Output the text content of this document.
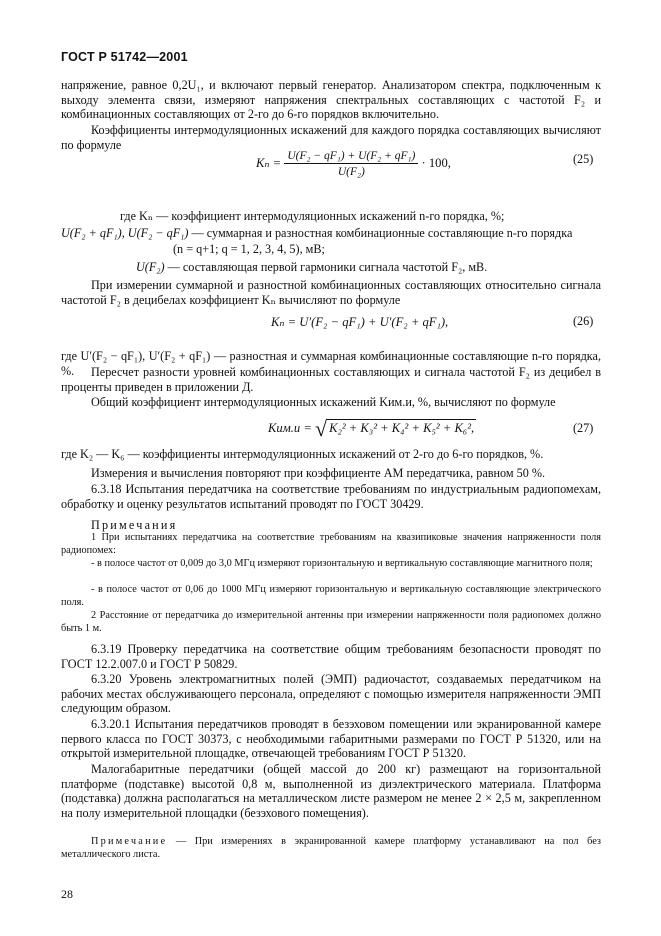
ГОСТ Р 51742—2001

напряжение, равное 0,2U₁, и включают первый генератор. Анализатором спектра, подключенным к выходу элемента связи, измеряют напряжения спектральных составляющих с частотой F₂ и комбинационных составляющих от 2-го до 6-го порядков включительно.

Коэффициенты интермодуляционных искажений для каждого порядка составляющих вычисляют по формуле

$K_n = \frac{\text{U(F₂ − qF₁) + U(F₂ + qF₁)}}{\text{U(F₂)}} \cdot 100$,	(25)
где Kₙ — коэффициент интермодуляционных искажений n-го порядка, %;
U(F₂ + qF₁), U(F₂ − qF₁) — суммарная и разностная комбинационные составляющие n-го порядка
(n = q+1; q = 1, 2, 3, 4, 5), мВ;
U(F₂) — составляющая первой гармоники сигнала частотой F₂, мВ.

При измерении суммарной и разностной комбинационных составляющих относительно сигнала частотой F₂ в децибелах коэффициент Kₙ вычисляют по формуле

Kₙ = U′(F₂ − qF₁) + U′(F₂ + qF₁),	(26)

где U′(F₂ − qF₁), U′(F₂ + qF₁) — разностная и суммарная комбинационные составляющие n-го порядка, %.	Пересчет разности уровней комбинационных составляющих и сигнала частотой F₂ из децибел в проценты приведен в приложении Д.

Общий коэффициент интермодуляционных искажений Kим.и, %, вычисляют по формуле

Kим.и = √ K₂² + K₃² + K₄² + K₅² + K₆²,	(27)

где K₂ — K₆ — коэффициенты интермодуляционных искажений от 2-го до 6-го порядков, %.

Измерения и вычисления повторяют при коэффициенте АМ передатчика, равном 50 %.

6.3.18 Испытания передатчика на соответствие требованиям по индустриальным радиопомехам, обработку и оценку результатов испытаний проводят по ГОСТ 30429.

Примечания

1 При испытаниях передатчика на соответствие требованиям на квазипиковые значения напряженности поля радиопомех:

- в полосе частот от 0,009 до 3,0 МГц измеряют горизонтальную и вертикальную составляющие магнитного поля;

- в полосе частот от 0,06 до 1000 МГц измеряют горизонтальную и вертикальную составляющие электрического поля.

2 Расстояние от передатчика до измерительной антенны при измерении напряженности поля радиопомех должно быть 1 м.

6.3.19 Проверку передатчика на соответствие общим требованиям безопасности проводят по ГОСТ 12.2.007.0 и ГОСТ Р 50829.

6.3.20 Уровень электромагнитных полей (ЭМП) радиочастот, создаваемых передатчиком на рабочих местах обслуживающего персонала, определяют с помощью измерителя напряженности ЭМП следующим образом.

6.3.20.1 Испытания передатчиков проводят в безэховом помещении или экранированной камере первого класса по ГОСТ 30373, с необходимыми габаритными размерами по ГОСТ Р 51320, или на открытой измерительной площадке, отвечающей требованиям ГОСТ Р 51320.

Малогабаритные передатчики (общей массой до 200 кг) размещают на горизонтальной платформе (подставке) высотой 0,8 м, выполненной из диэлектрического материала. Платформа (подставка) должна располагаться на металлическом листе размером не менее 2 × 2,5 м, закрепленном на полу измерительной площадки (безэхового помещения).

Примечание — При измерениях в экранированной камере платформу устанавливают на пол без металлического листа.

28
